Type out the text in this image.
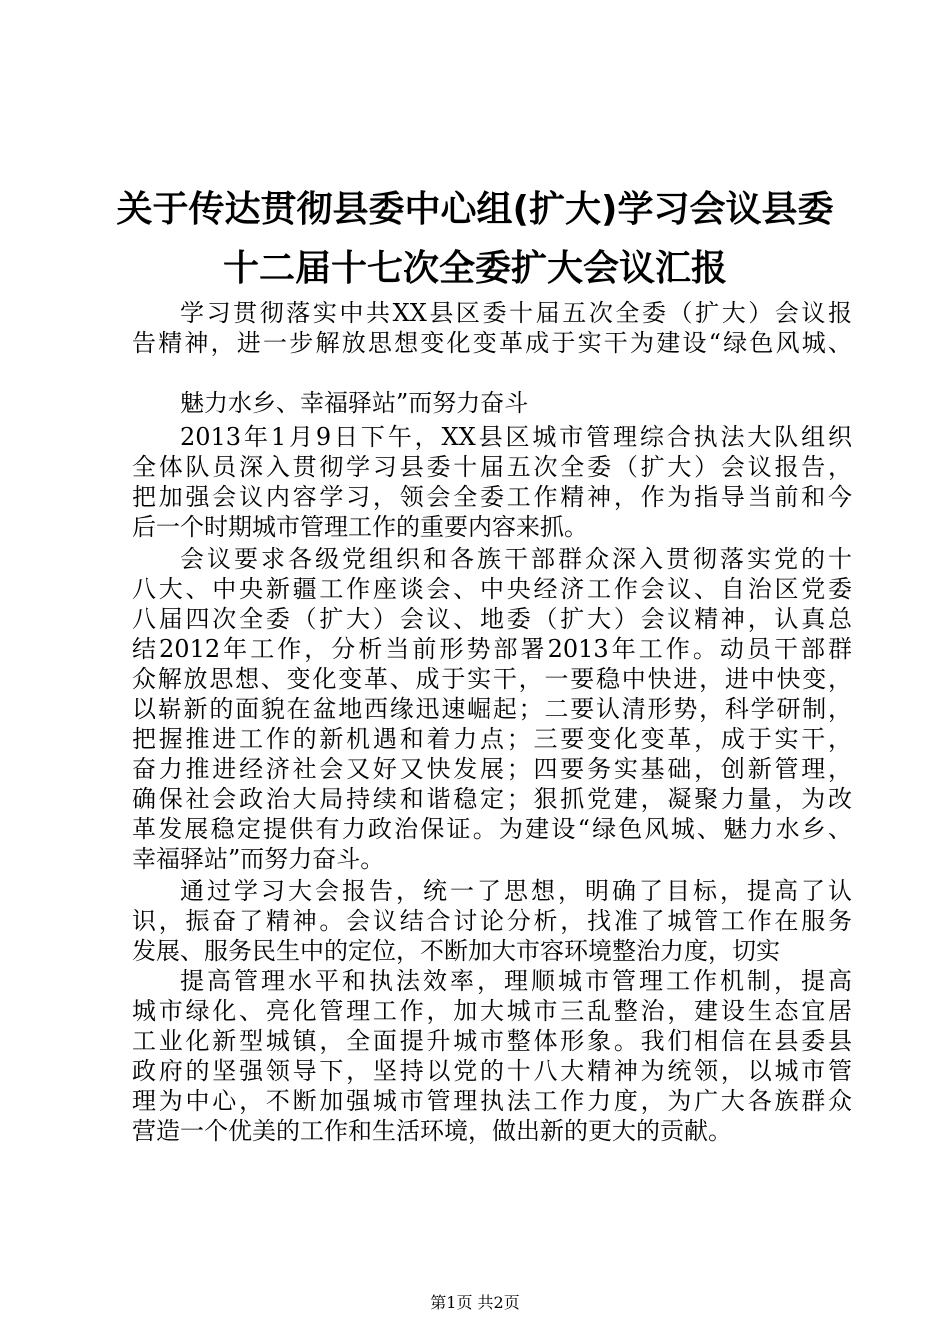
关于传达贯彻县委中心组(扩大)学习会议县委
十二届十七次全委扩大会议汇报
学习贯彻落实中共XX县区委十届五次全委（扩大）会议报
告精神，进一步解放思想变化变革成于实干为建设“绿色风城、
魅力水乡、幸福驿站”而努力奋斗
2013年1月9日下午，XX县区城市管理综合执法大队组织
全体队员深入贯彻学习县委十届五次全委（扩大）会议报告，
把加强会议内容学习，领会全委工作精神，作为指导当前和今
后一个时期城市管理工作的重要内容来抓。
会议要求各级党组织和各族干部群众深入贯彻落实党的十
八大、中央新疆工作座谈会、中央经济工作会议、自治区党委
八届四次全委（扩大）会议、地委（扩大）会议精神，认真总
结2012年工作，分析当前形势部署2013年工作。动员干部群
众解放思想、变化变革、成于实干，一要稳中快进，进中快变，
以崭新的面貌在盆地西缘迅速崛起；二要认清形势，科学研制，
把握推进工作的新机遇和着力点；三要变化变革，成于实干，
奋力推进经济社会又好又快发展；四要务实基础，创新管理，
确保社会政治大局持续和谐稳定；狠抓党建，凝聚力量，为改
革发展稳定提供有力政治保证。为建设“绿色风城、魅力水乡、
幸福驿站”而努力奋斗。
通过学习大会报告，统一了思想，明确了目标，提高了认
识，振奋了精神。会议结合讨论分析，找准了城管工作在服务
发展、服务民生中的定位，不断加大市容环境整治力度，切实
提高管理水平和执法效率，理顺城市管理工作机制，提高
城市绿化、亮化管理工作，加大城市三乱整治，建设生态宜居
工业化新型城镇，全面提升城市整体形象。我们相信在县委县
政府的坚强领导下，坚持以党的十八大精神为统领，以城市管
理为中心，不断加强城市管理执法工作力度，为广大各族群众
营造一个优美的工作和生活环境，做出新的更大的贡献。
第1页 共2页
